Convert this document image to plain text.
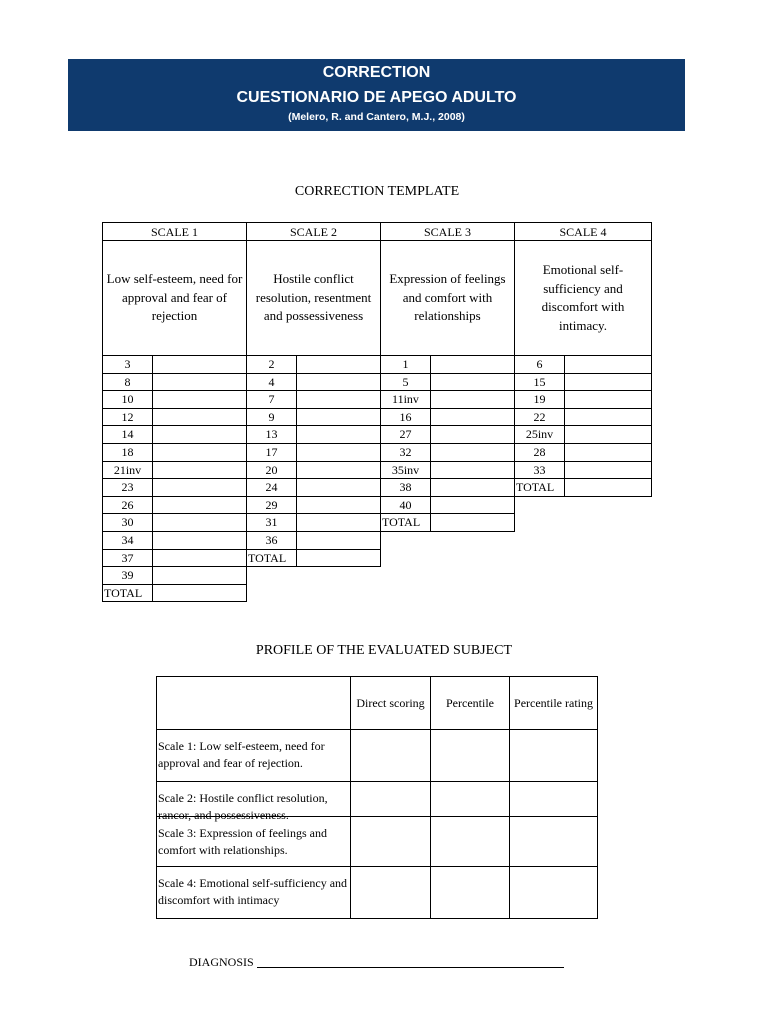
CORRECTION
CUESTIONARIO DE APEGO ADULTO
(Melero, R. and Cantero, M.J., 2008)
CORRECTION TEMPLATE
SCALE 1
Low self-esteem, need for approval and fear of rejection
3
8
10
12
14
18
21inv
23
26
30
34
37
39
TOTAL
SCALE 2
Hostile conflict resolution, resentment and possessiveness
2
4
7
9
13
17
20
24
29
31
36
TOTAL
SCALE 3
Expression of feelings and comfort with relationships
1
5
11inv
16
27
32
35inv
38
40
TOTAL
SCALE 4
Emotional self-sufficiency and discomfort with intimacy.
6
15
19
22
25inv
28
33
TOTAL
PROFILE OF THE EVALUATED SUBJECT
Direct scoring	Percentile	Percentile rating
Scale 1: Low self-esteem, need for approval and fear of rejection.
Scale 2: Hostile conflict resolution, rancor, and possessiveness.
Scale 3: Expression of feelings and comfort with relationships.
Scale 4: Emotional self-sufficiency and discomfort with intimacy
DIAGNOSIS
